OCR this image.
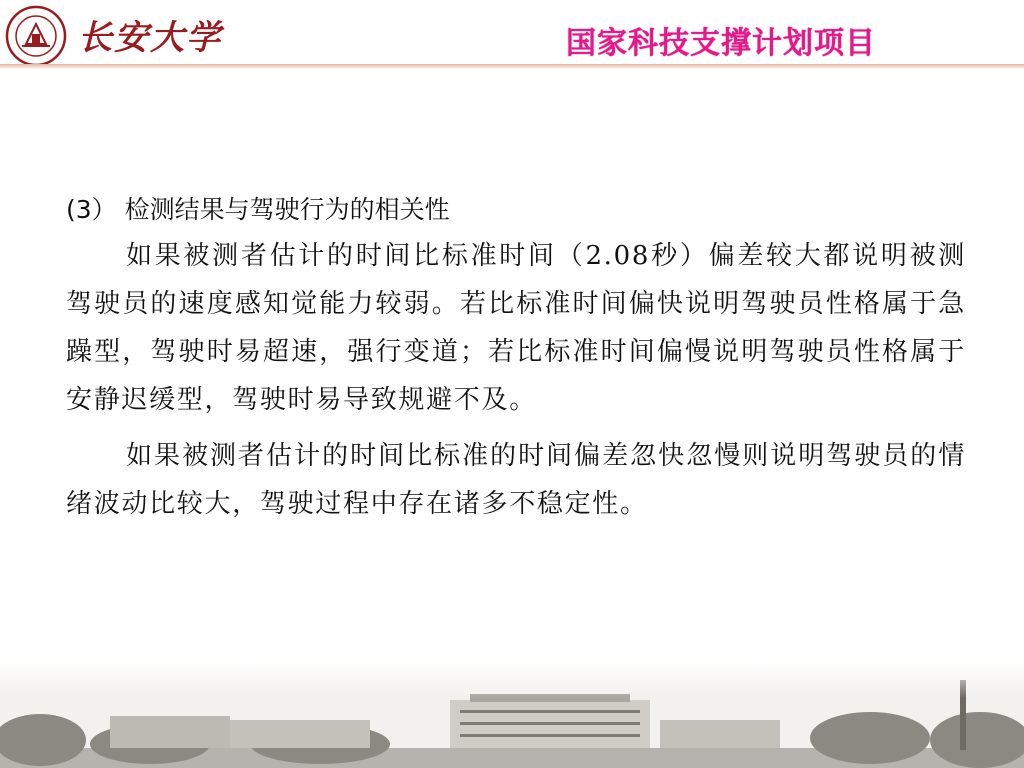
长安大学	国家科技支撑计划项目
(3） 检测结果与驾驶行为的相关性

如果被测者估计的时间比标准时间（2.08秒）偏差较大都说明被测驾驶员的速度感知觉能力较弱。若比标准时间偏快说明驾驶员性格属于急躁型，驾驶时易超速，强行变道；若比标准时间偏慢说明驾驶员性格属于安静迟缓型，驾驶时易导致规避不及。

如果被测者估计的时间比标准的时间偏差忽快忽慢则说明驾驶员的情绪波动比较大，驾驶过程中存在诸多不稳定性。
